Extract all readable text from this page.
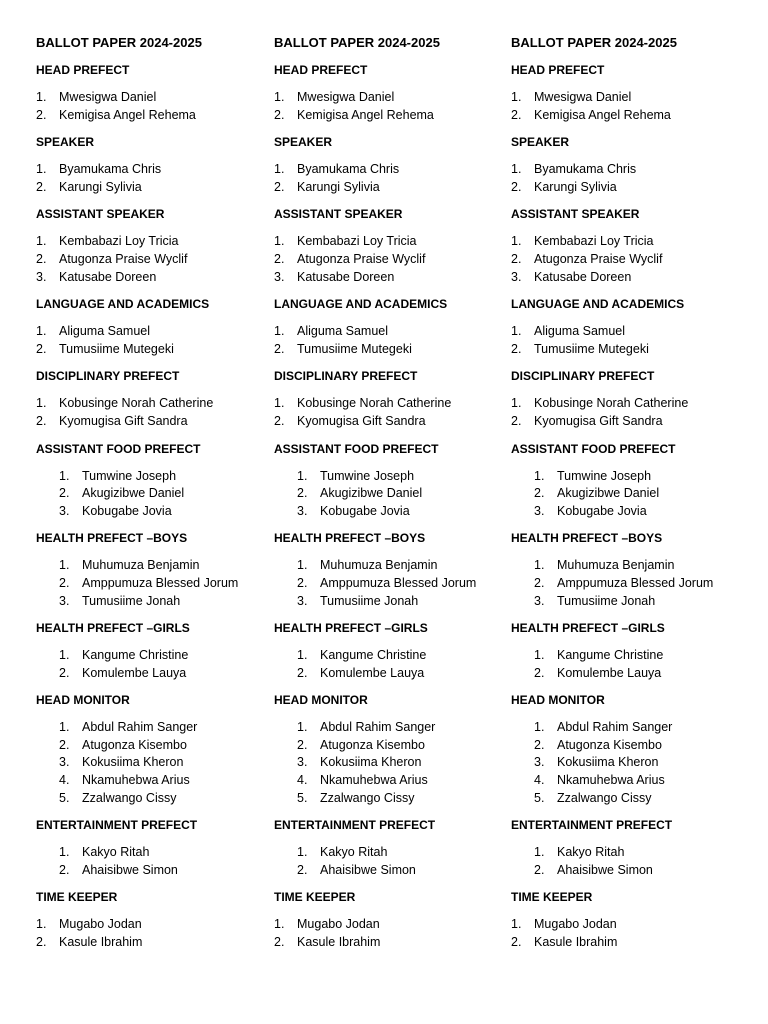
BALLOT PAPER 2024-2025
HEAD PREFECT
1.	Mwesigwa Daniel
2.	Kemigisa Angel Rehema
SPEAKER
1.	Byamukama Chris
2.	Karungi Sylivia
ASSISTANT SPEAKER
1.	Kembabazi Loy Tricia
2.	Atugonza Praise Wyclif
3.	Katusabe Doreen
LANGUAGE AND ACADEMICS
1.	Aliguma Samuel
2.	Tumusiime Mutegeki
DISCIPLINARY PREFECT
1.	Kobusinge Norah Catherine
2.	Kyomugisa Gift Sandra
ASSISTANT FOOD PREFECT
1.	Tumwine Joseph
2.	Akugizibwe Daniel
3.	Kobugabe Jovia
HEALTH PREFECT –BOYS
1.	Muhumuza Benjamin
2.	Amppumuza Blessed Jorum
3.	Tumusiime Jonah
HEALTH PREFECT –GIRLS
1.	Kangume Christine
2.	Komulembe Lauya
HEAD MONITOR
1.	Abdul Rahim Sanger
2.	Atugonza Kisembo
3.	Kokusiima Kheron
4.	Nkamuhebwa Arius
5.	Zzalwango Cissy
ENTERTAINMENT PREFECT
1.	Kakyo Ritah
2.	Ahaisibwe Simon
TIME KEEPER
1.	Mugabo Jodan
2.	Kasule Ibrahim
BALLOT PAPER 2024-2025
HEAD PREFECT
1.	Mwesigwa Daniel
2.	Kemigisa Angel Rehema
SPEAKER
1.	Byamukama Chris
2.	Karungi Sylivia
ASSISTANT SPEAKER
1.	Kembabazi Loy Tricia
2.	Atugonza Praise Wyclif
3.	Katusabe Doreen
LANGUAGE AND ACADEMICS
1.	Aliguma Samuel
2.	Tumusiime Mutegeki
DISCIPLINARY PREFECT
1.	Kobusinge Norah Catherine
2.	Kyomugisa Gift Sandra
ASSISTANT FOOD PREFECT
1.	Tumwine Joseph
2.	Akugizibwe Daniel
3.	Kobugabe Jovia
HEALTH PREFECT –BOYS
1.	Muhumuza Benjamin
2.	Amppumuza Blessed Jorum
3.	Tumusiime Jonah
HEALTH PREFECT –GIRLS
1.	Kangume Christine
2.	Komulembe Lauya
HEAD MONITOR
1.	Abdul Rahim Sanger
2.	Atugonza Kisembo
3.	Kokusiima Kheron
4.	Nkamuhebwa Arius
5.	Zzalwango Cissy
ENTERTAINMENT PREFECT
1.	Kakyo Ritah
2.	Ahaisibwe Simon
TIME KEEPER
1.	Mugabo Jodan
2.	Kasule Ibrahim
BALLOT PAPER 2024-2025
HEAD PREFECT
1.	Mwesigwa Daniel
2.	Kemigisa Angel Rehema
SPEAKER
1.	Byamukama Chris
2.	Karungi Sylivia
ASSISTANT SPEAKER
1.	Kembabazi Loy Tricia
2.	Atugonza Praise Wyclif
3.	Katusabe Doreen
LANGUAGE AND ACADEMICS
1.	Aliguma Samuel
2.	Tumusiime Mutegeki
DISCIPLINARY PREFECT
1.	Kobusinge Norah Catherine
2.	Kyomugisa Gift Sandra
ASSISTANT FOOD PREFECT
1.	Tumwine Joseph
2.	Akugizibwe Daniel
3.	Kobugabe Jovia
HEALTH PREFECT –BOYS
1.	Muhumuza Benjamin
2.	Amppumuza Blessed Jorum
3.	Tumusiime Jonah
HEALTH PREFECT –GIRLS
1.	Kangume Christine
2.	Komulembe Lauya
HEAD MONITOR
1.	Abdul Rahim Sanger
2.	Atugonza Kisembo
3.	Kokusiima Kheron
4.	Nkamuhebwa Arius
5.	Zzalwango Cissy
ENTERTAINMENT PREFECT
1.	Kakyo Ritah
2.	Ahaisibwe Simon
TIME KEEPER
1.	Mugabo Jodan
2.	Kasule Ibrahim
